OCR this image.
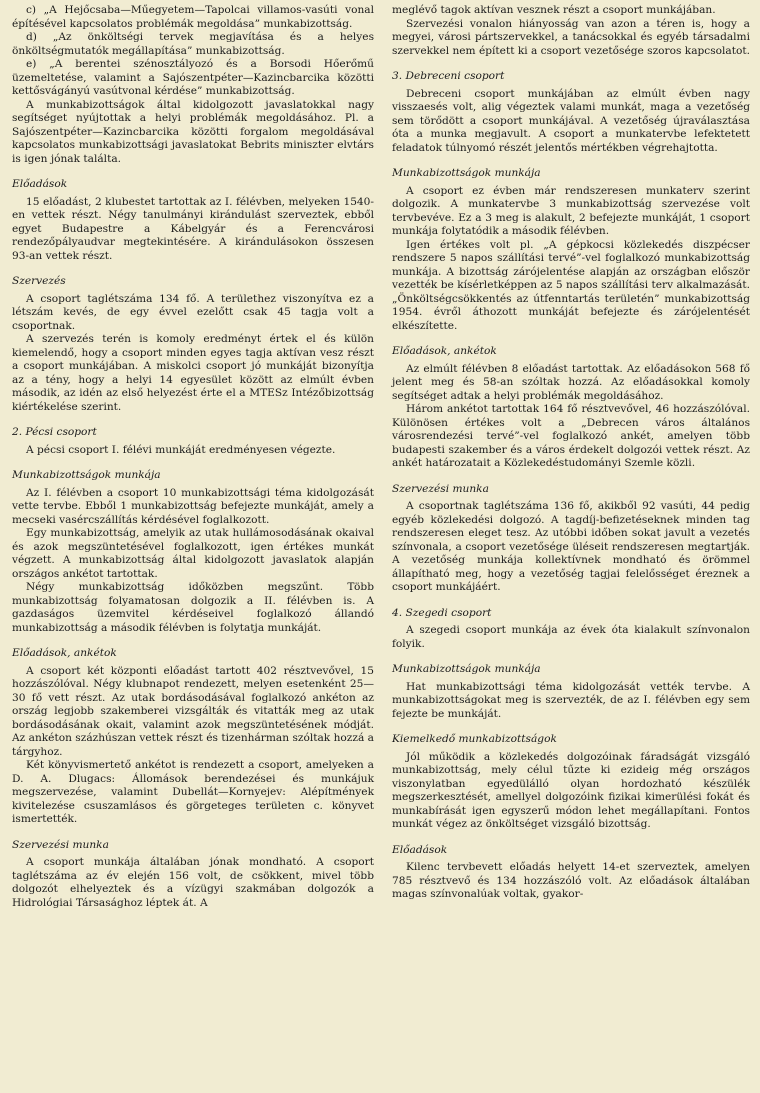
c) „A Hejőcsaba—Műegyetem—Tapolcai villamos-vasúti vonal építésével kapcsolatos problémák megoldása” munkabizottság.

d) „Az önköltségi tervek megjavítása és a helyes önköltségmutatók megállapítása” munkabizottság.

e) „A berentei szénosztályozó és a Borsodi Hőerőmű üzemeltetése, valamint a Sajószentpéter—Kazincbarcika közötti kettősvágányú vasútvonal kérdése” munkabizottság.

A munkabizottságok által kidolgozott javaslatokkal nagy segítséget nyújtottak a helyi problémák megoldásához. Pl. a Sajószentpéter—Kazincbarcika közötti forgalom megoldásával kapcsolatos munkabizottsági javaslatokat Bebrits miniszter elvtárs is igen jónak találta.

Előadások

15 előadást, 2 klubestet tartottak az I. félévben, melyeken 1540-en vettek részt. Négy tanulmányi kirándulást szerveztek, ebből egyet Budapestre a Kábelgyár és a Ferencvárosi rendezőpályaudvar megtekintésére. A kirándulásokon összesen 93-an vettek részt.

Szervezés

A csoport taglétszáma 134 fő. A területhez viszonyítva ez a létszám kevés, de egy évvel ezelőtt csak 45 tagja volt a csoportnak.

A szervezés terén is komoly eredményt értek el és külön kiemelendő, hogy a csoport minden egyes tagja aktívan vesz részt a csoport munkájában. A miskolci csoport jó munkáját bizonyítja az a tény, hogy a helyi 14 egyesület között az elmúlt évben második, az idén az első helyezést érte el a MTESz Intézőbizottság kiértékelése szerint.

2. Pécsi csoport

A pécsi csoport I. félévi munkáját eredményesen végezte.

Munkabizottságok munkája

Az I. félévben a csoport 10 munkabizottsági téma kidolgozását vette tervbe. Ebből 1 munkabizottság befejezte munkáját, amely a mecseki vasércszállítás kérdésével foglalkozott.

Egy munkabizottság, amelyik az utak hullámosodásának okaival és azok megszüntetésével foglalkozott, igen értékes munkát végzett. A munkabizottság által kidolgozott javaslatok alapján országos ankétot tartottak.

Négy munkabizottság időközben megszűnt. Több munkabizottság folyamatosan dolgozik a II. félévben is. A gazdaságos üzemvitel kérdéseivel foglalkozó állandó munkabizottság a második félévben is folytatja munkáját.

Előadások, ankétok

A csoport két központi előadást tartott 402 résztvevővel, 15 hozzászólóval. Négy klubnapot rendezett, melyen esetenként 25—30 fő vett részt. Az utak bordásodásával foglalkozó ankéton az ország legjobb szakemberei vizsgálták és vitatták meg az utak bordásodásának okait, valamint azok megszüntetésének módját. Az ankéton százhúszan vettek részt és tizenhárman szóltak hozzá a tárgyhoz.

Két könyvismertető ankétot is rendezett a csoport, amelyeken a D. A. Dlugacs: Állomások berendezései és munkájuk megszervezése, valamint Dubellát—Kornyejev: Alépítmények kivitelezése csuszamlásos és görgeteges területen c. könyvet ismertették.

Szervezési munka

A csoport munkája általában jónak mondható. A csoport taglétszáma az év elején 156 volt, de csökkent, mivel több dolgozót elhelyeztek és a vízügyi szakmában dolgozók a Hidrológiai Társasághoz léptek át. A

meglévő tagok aktívan vesznek részt a csoport munkájában.

Szervezési vonalon hiányosság van azon a téren is, hogy a megyei, városi pártszervekkel, a tanácsokkal és egyéb társadalmi szervekkel nem épített ki a csoport vezetősége szoros kapcsolatot.

3. Debreceni csoport

Debreceni csoport munkájában az elmúlt évben nagy visszaesés volt, alig végeztek valami munkát, maga a vezetőség sem törődött a csoport munkájával. A vezetőség újraválasztása óta a munka megjavult. A csoport a munkatervbe lefektetett feladatok túlnyomó részét jelentős mértékben végrehajtotta.

Munkabizottságok munkája

A csoport ez évben már rendszeresen munkaterv szerint dolgozik. A munkatervbe 3 munkabizottság szervezése volt tervbevéve. Ez a 3 meg is alakult, 2 befejezte munkáját, 1 csoport munkája folytatódik a második félévben.

Igen értékes volt pl. „A gépkocsi közlekedés diszpécser rendszere 5 napos szállítási tervé”-vel foglalkozó munkabizottság munkája. A bizottság zárójelentése alapján az országban először vezették be kísérletképpen az 5 napos szállítási terv alkalmazását. „Önköltségcsökkentés az útfenntartás területén” munkabizottság 1954. évről áthozott munkáját befejezte és zárójelentését elkészítette.

Előadások, ankétok

Az elmúlt félévben 8 előadást tartottak. Az előadásokon 568 fő jelent meg és 58-an szóltak hozzá. Az előadásokkal komoly segítséget adtak a helyi problémák megoldásához.

Három ankétot tartottak 164 fő résztvevővel, 46 hozzászólóval. Különösen értékes volt a „Debrecen város általános városrendezési tervé”-vel foglalkozó ankét, amelyen több budapesti szakember és a város érdekelt dolgozói vettek részt. Az ankét határozatait a Közlekedéstudományi Szemle közli.

Szervezési munka

A csoportnak taglétszáma 136 fő, akikből 92 vasúti, 44 pedig egyéb közlekedési dolgozó. A tagdíj-befizetéseknek minden tag rendszeresen eleget tesz. Az utóbbi időben sokat javult a vezetés színvonala, a csoport vezetősége üléseit rendszeresen megtartják. A vezetőség munkája kollektívnek mondható és örömmel állapítható meg, hogy a vezetőség tagjai felelősséget éreznek a csoport munkájáért.

4. Szegedi csoport

A szegedi csoport munkája az évek óta kialakult színvonalon folyik.

Munkabizottságok munkája

Hat munkabizottsági téma kidolgozását vették tervbe. A munkabizottságokat meg is szervezték, de az I. félévben egy sem fejezte be munkáját.

Kiemelkedő munkabizottságok

Jól működik a közlekedés dolgozóinak fáradságát vizsgáló munkabizottság, mely célul tűzte ki ezideig még országos viszonylatban egyedülálló olyan hordozható készülék megszerkesztését, amellyel dolgozóink fizikai kimerülési fokát és munkabírását igen egyszerű módon lehet megállapítani. Fontos munkát végez az önköltséget vizsgáló bizottság.

Előadások

Kilenc tervbevett előadás helyett 14-et szerveztek, amelyen 785 résztvevő és 134 hozzászóló volt. Az előadások általában magas színvonalúak voltak, gyakor-
